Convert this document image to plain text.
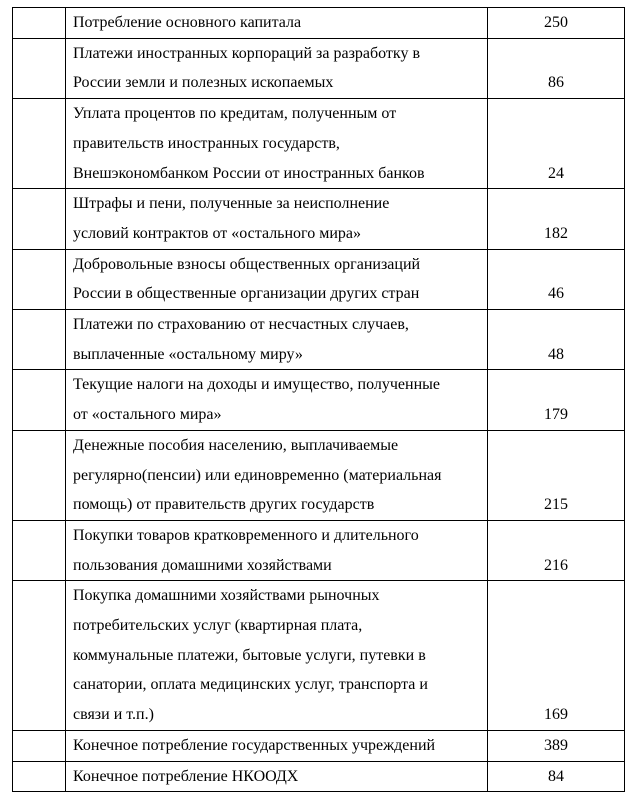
	Потребление основного капитала	250

	Платежи иностранных корпораций за разработку в
России земли и полезных ископаемых	86

	Уплата процентов по кредитам, полученным от
правительств иностранных государств,
Внешэкономбанком России от иностранных банков	24

	Штрафы и пени, полученные за неисполнение
условий контрактов от «остального мира»	182

	Добровольные взносы общественных организаций
России в общественные организации других стран	46

	Платежи по страхованию от несчастных случаев,
выплаченные «остальному миру»	48

	Текущие налоги на доходы и имущество, полученные
от «остального мира»	179

	Денежные пособия населению, выплачиваемые
регулярно(пенсии) или единовременно (материальная
помощь) от правительств других государств	215

	Покупки товаров кратковременного и длительного
пользования домашними хозяйствами	216

	Покупка домашними хозяйствами рыночных
потребительских услуг (квартирная плата,
коммунальные платежи, бытовые услуги, путевки в
санатории, оплата медицинских услуг, транспорта и
связи и т.п.)	169

	Конечное потребление государственных учреждений	389

	Конечное потребление НКООДХ	84
